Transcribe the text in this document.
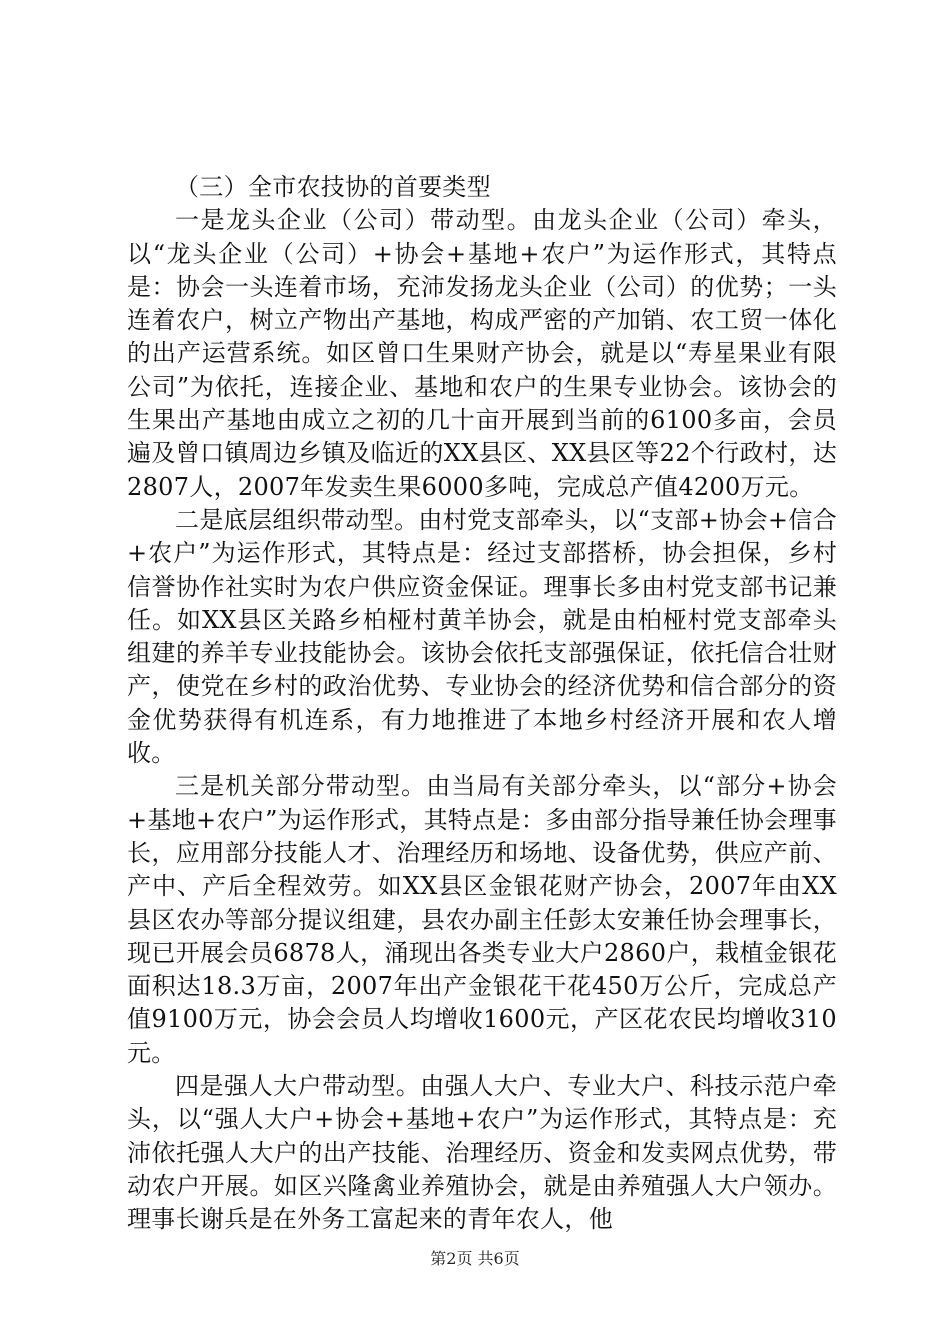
（三）全市农技协的首要类型

一是龙头企业（公司）带动型。由龙头企业（公司）牵头，以“龙头企业（公司）+协会+基地+农户”为运作形式，其特点是：协会一头连着市场，充沛发扬龙头企业（公司）的优势；一头连着农户，树立产物出产基地，构成严密的产加销、农工贸一体化的出产运营系统。如区曾口生果财产协会，就是以“寿星果业有限公司”为依托，连接企业、基地和农户的生果专业协会。该协会的生果出产基地由成立之初的几十亩开展到当前的6100多亩，会员遍及曾口镇周边乡镇及临近的XX县区、XX县区等22个行政村，达2807人，2007年发卖生果6000多吨，完成总产值4200万元。

二是底层组织带动型。由村党支部牵头，以“支部+协会+信合+农户”为运作形式，其特点是：经过支部搭桥，协会担保，乡村信誉协作社实时为农户供应资金保证。理事长多由村党支部书记兼任。如XX县区关路乡柏桠村黄羊协会，就是由柏桠村党支部牵头组建的养羊专业技能协会。该协会依托支部强保证，依托信合壮财产，使党在乡村的政治优势、专业协会的经济优势和信合部分的资金优势获得有机连系，有力地推进了本地乡村经济开展和农人增收。

三是机关部分带动型。由当局有关部分牵头，以“部分+协会+基地+农户”为运作形式，其特点是：多由部分指导兼任协会理事长，应用部分技能人才、治理经历和场地、设备优势，供应产前、产中、产后全程效劳。如XX县区金银花财产协会，2007年由XX县区农办等部分提议组建，县农办副主任彭太安兼任协会理事长，现已开展会员6878人，涌现出各类专业大户2860户，栽植金银花面积达18.3万亩，2007年出产金银花干花450万公斤，完成总产值9100万元，协会会员人均增收1600元，产区花农民均增收310元。

四是强人大户带动型。由强人大户、专业大户、科技示范户牵头，以“强人大户+协会+基地+农户”为运作形式，其特点是：充沛依托强人大户的出产技能、治理经历、资金和发卖网点优势，带动农户开展。如区兴隆禽业养殖协会，就是由养殖强人大户领办。理事长谢兵是在外务工富起来的青年农人，他

第2页 共6页
